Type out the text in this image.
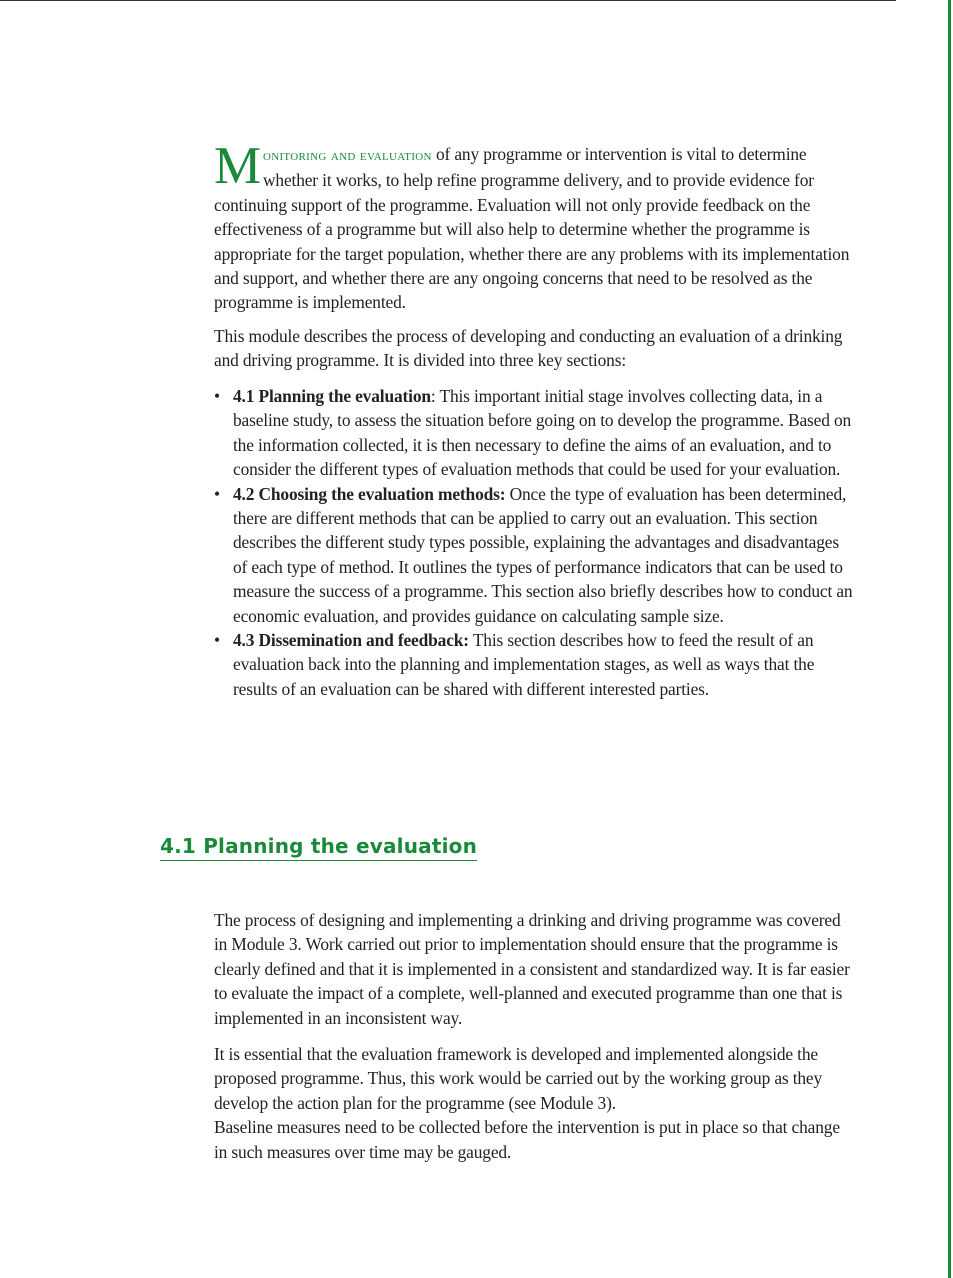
Monitoring and evaluation of any programme or intervention is vital to determine whether it works, to help refine programme delivery, and to provide evidence for continuing support of the programme. Evaluation will not only provide feedback on the effectiveness of a programme but will also help to determine whether the programme is appropriate for the target population, whether there are any problems with its implementation and support, and whether there are any ongoing concerns that need to be resolved as the programme is implemented.

This module describes the process of developing and conducting an evaluation of a drinking and driving programme. It is divided into three key sections:

• 4.1 Planning the evaluation: This important initial stage involves collecting data, in a baseline study, to assess the situation before going on to develop the programme. Based on the information collected, it is then necessary to define the aims of an evaluation, and to consider the different types of evaluation methods that could be used for your evaluation.
• 4.2 Choosing the evaluation methods: Once the type of evaluation has been determined, there are different methods that can be applied to carry out an evaluation. This section describes the different study types possible, explaining the advantages and disadvantages of each type of method. It outlines the types of performance indicators that can be used to measure the success of a programme. This section also briefly describes how to conduct an economic evaluation, and provides guidance on calculating sample size.
• 4.3 Dissemination and feedback: This section describes how to feed the result of an evaluation back into the planning and implementation stages, as well as ways that the results of an evaluation can be shared with different interested parties.
4.1 Planning the evaluation

The process of designing and implementing a drinking and driving programme was covered in Module 3. Work carried out prior to implementation should ensure that the programme is clearly defined and that it is implemented in a consistent and standardized way. It is far easier to evaluate the impact of a complete, well-planned and executed programme than one that is implemented in an inconsistent way.

It is essential that the evaluation framework is developed and implemented alongside the proposed programme. Thus, this work would be carried out by the working group as they develop the action plan for the programme (see Module 3).

Baseline measures need to be collected before the intervention is put in place so that change in such measures over time may be gauged.
